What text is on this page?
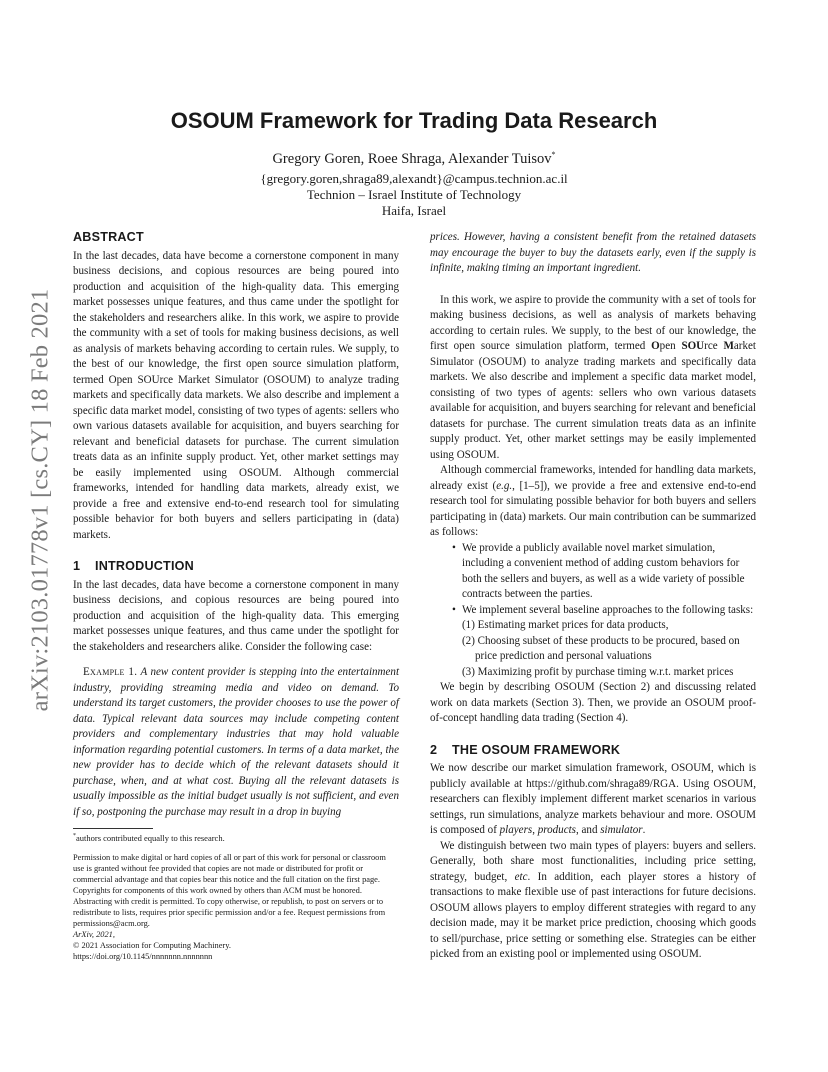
arXiv:2103.01778v1 [cs.CY] 18 Feb 2021
OSOUM Framework for Trading Data Research

Gregory Goren, Roee Shraga, Alexander Tuisov*

{gregory.goren,shraga89,alexandt}@campus.technion.ac.il

Technion – Israel Institute of Technology

Haifa, Israel

ABSTRACT

In the last decades, data have become a cornerstone component in many business decisions, and copious resources are being poured into production and acquisition of the high-quality data. This emerging market possesses unique features, and thus came under the spotlight for the stakeholders and researchers alike. In this work, we aspire to provide the community with a set of tools for making business decisions, as well as analysis of markets behaving according to certain rules. We supply, to the best of our knowledge, the first open source simulation platform, termed Open SOUrce Market Simulator (OSOUM) to analyze trading markets and specifically data markets. We also describe and implement a specific data market model, consisting of two types of agents: sellers who own various datasets available for acquisition, and buyers searching for relevant and beneficial datasets for purchase. The current simulation treats data as an infinite supply product. Yet, other market settings may be easily implemented using OSOUM. Although commercial frameworks, intended for handling data markets, already exist, we provide a free and extensive end-to-end research tool for simulating possible behavior for both buyers and sellers participating in (data) markets.

1 INTRODUCTION

In the last decades, data have become a cornerstone component in many business decisions, and copious resources are being poured into production and acquisition of the high-quality data. This emerging market possesses unique features, and thus came under the spotlight for the stakeholders and researchers alike. Consider the following case:

Example 1. A new content provider is stepping into the entertainment industry, providing streaming media and video on demand. To understand its target customers, the provider chooses to use the power of data. Typical relevant data sources may include competing content providers and complementary industries that may hold valuable information regarding potential customers. In terms of a data market, the new provider has to decide which of the relevant datasets should it purchase, when, and at what cost. Buying all the relevant datasets is usually impossible as the initial budget usually is not sufficient, and even if so, postponing the purchase may result in a drop in buying

*authors contributed equally to this research.

Permission to make digital or hard copies of all or part of this work for personal or classroom use is granted without fee provided that copies are not made or distributed for profit or commercial advantage and that copies bear this notice and the full citation on the first page. Copyrights for components of this work owned by others than ACM must be honored. Abstracting with credit is permitted. To copy otherwise, or republish, to post on servers or to redistribute to lists, requires prior specific permission and/or a fee. Request permissions from permissions@acm.org.

ArXiv, 2021,

© 2021 Association for Computing Machinery.

https://doi.org/10.1145/nnnnnnn.nnnnnnn

prices. However, having a consistent benefit from the retained datasets may encourage the buyer to buy the datasets early, even if the supply is infinite, making timing an important ingredient.

In this work, we aspire to provide the community with a set of tools for making business decisions, as well as analysis of markets behaving according to certain rules. We supply, to the best of our knowledge, the first open source simulation platform, termed Open SOUrce Market Simulator (OSOUM) to analyze trading markets and specifically data markets. We also describe and implement a specific data market model, consisting of two types of agents: sellers who own various datasets available for acquisition, and buyers searching for relevant and beneficial datasets for purchase. The current simulation treats data as an infinite supply product. Yet, other market settings may be easily implemented using OSOUM.

Although commercial frameworks, intended for handling data markets, already exist (e.g., [1–5]), we provide a free and extensive end-to-end research tool for simulating possible behavior for both buyers and sellers participating in (data) markets. Our main contribution can be summarized as follows:

• We provide a publicly available novel market simulation, including a convenient method of adding custom behaviors for both the sellers and buyers, as well as a wide variety of possible contracts between the parties.
• We implement several baseline approaches to the following tasks:
(1) Estimating market prices for data products,
(2) Choosing subset of these products to be procured, based on price prediction and personal valuations
(3) Maximizing profit by purchase timing w.r.t. market prices

We begin by describing OSOUM (Section 2) and discussing related work on data markets (Section 3). Then, we provide an OSOUM proof-of-concept handling data trading (Section 4).

2 THE OSOUM FRAMEWORK

We now describe our market simulation framework, OSOUM, which is publicly available at https://github.com/shraga89/RGA. Using OSOUM, researchers can flexibly implement different market scenarios in various settings, run simulations, analyze markets behaviour and more. OSOUM is composed of players, products, and simulator.

We distinguish between two main types of players: buyers and sellers. Generally, both share most functionalities, including price setting, strategy, budget, etc. In addition, each player stores a history of transactions to make flexible use of past interactions for future decisions. OSOUM allows players to employ different strategies with regard to any decision made, may it be market price prediction, choosing which goods to sell/purchase, price setting or something else. Strategies can be either picked from an existing pool or implemented using OSOUM.
